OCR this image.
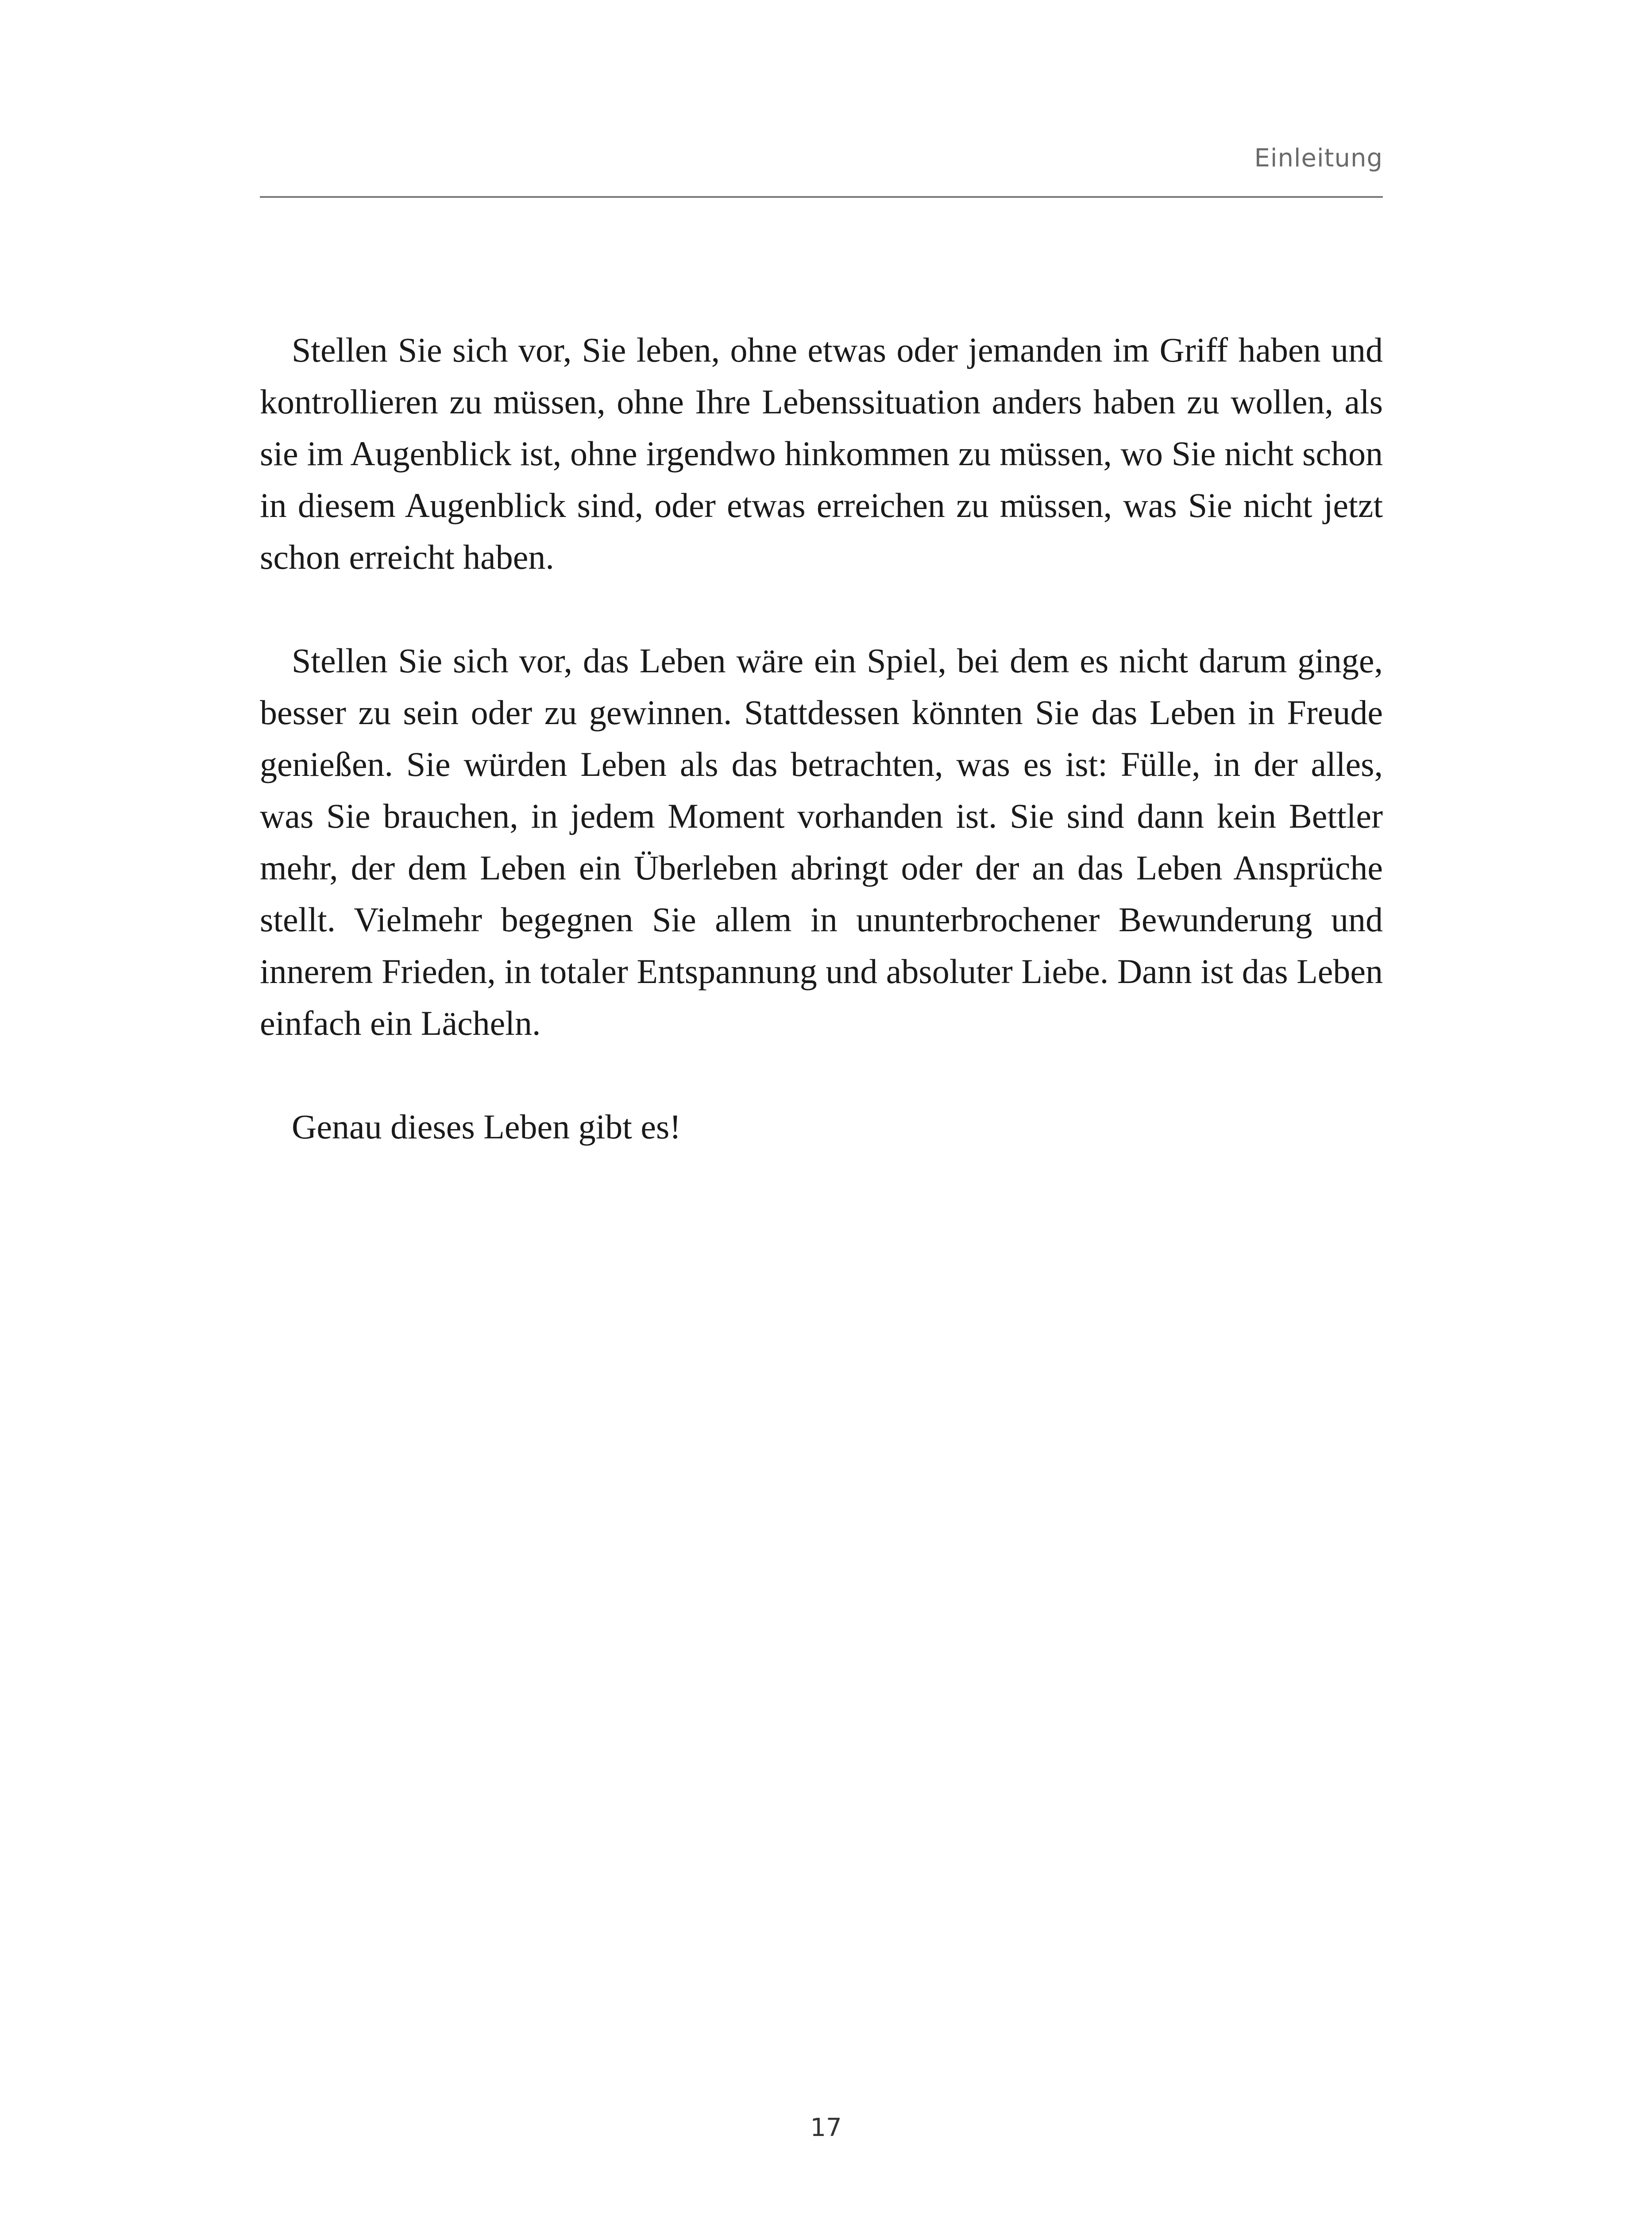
Einleitung

Stellen Sie sich vor, Sie leben, ohne etwas oder jemanden im Griff haben und kontrollieren zu müssen, ohne Ihre Lebenssituation anders haben zu wollen, als sie im Augenblick ist, ohne irgendwo hinkommen zu müssen, wo Sie nicht schon in diesem Augenblick sind, oder etwas erreichen zu müssen, was Sie nicht jetzt schon erreicht haben.

Stellen Sie sich vor, das Leben wäre ein Spiel, bei dem es nicht darum ginge, besser zu sein oder zu gewinnen. Stattdessen könnten Sie das Leben in Freude genießen. Sie würden Leben als das betrachten, was es ist: Fülle, in der alles, was Sie brauchen, in jedem Moment vorhanden ist. Sie sind dann kein Bettler mehr, der dem Leben ein Überleben abringt oder der an das Leben Ansprüche stellt. Vielmehr begegnen Sie allem in ununterbrochener Bewunderung und innerem Frieden, in totaler Entspannung und absoluter Liebe. Dann ist das Leben einfach ein Lächeln.

Genau dieses Leben gibt es!

17
